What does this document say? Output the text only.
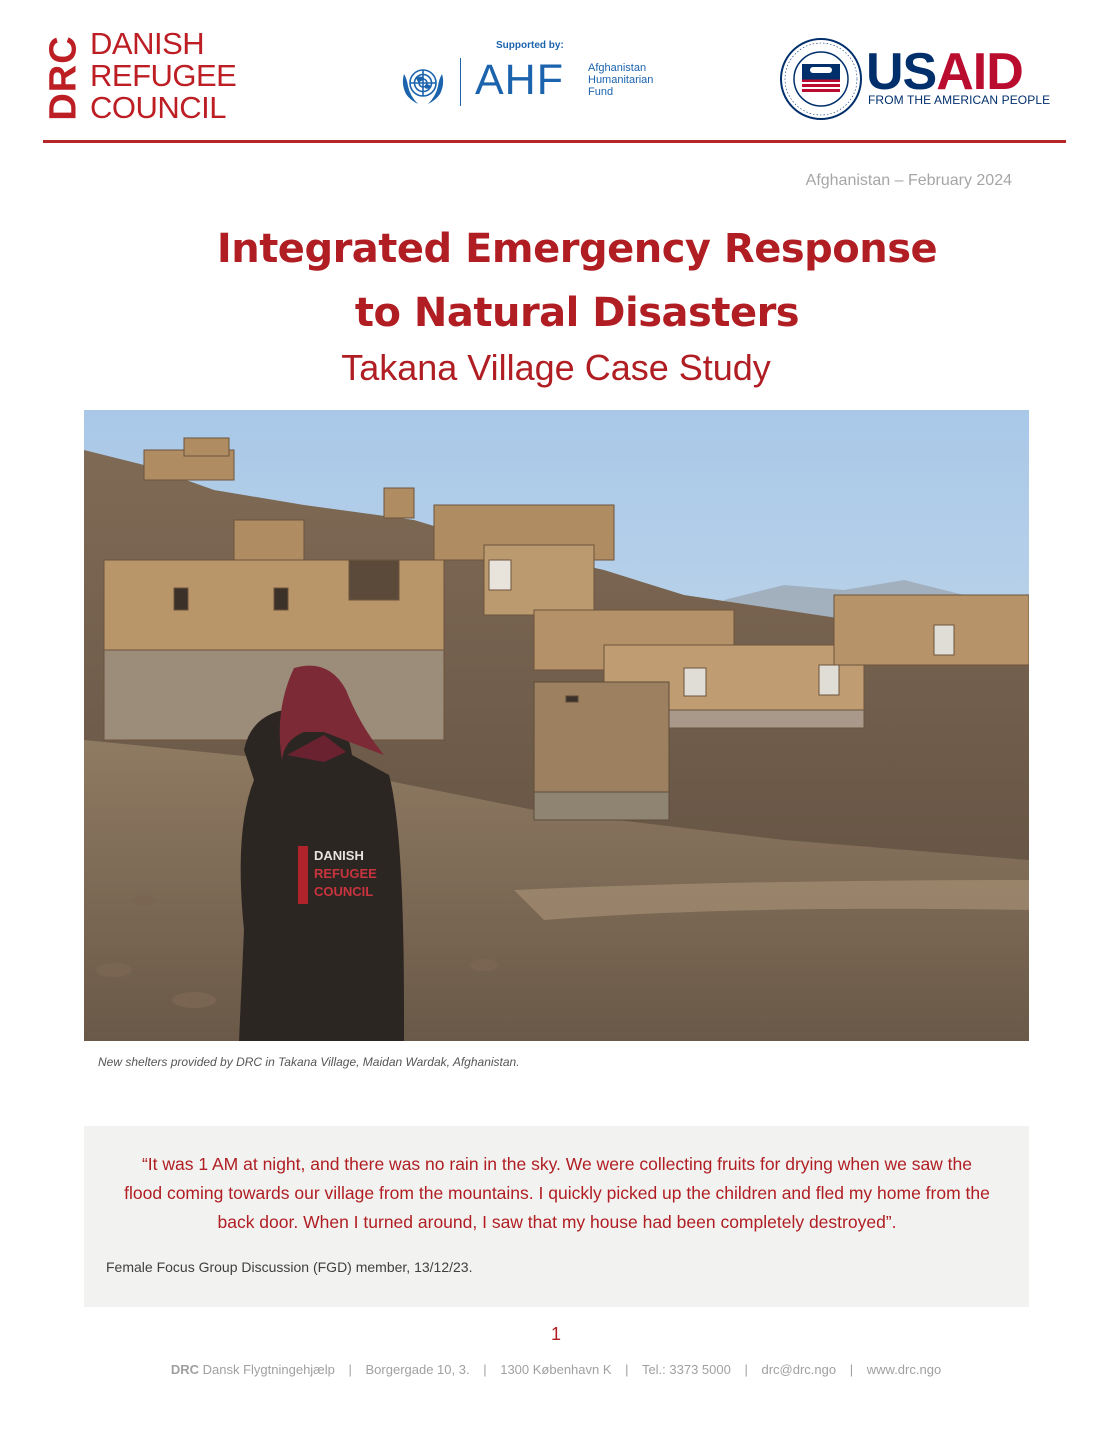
DRC DANISH
REFUGEE
COUNCIL
Supported by:
AHF Afghanistan
Humanitarian
Fund	USAID
FROM THE AMERICAN PEOPLE
Afghanistan – February 2024
Integrated Emergency Response to Natural Disasters
Takana Village Case Study
DANISH
REFUGEE
COUNCIL
New shelters provided by DRC in Takana Village, Maidan Wardak, Afghanistan.
“It was 1 AM at night, and there was no rain in the sky. We were collecting fruits for drying when we saw the flood coming towards our village from the mountains. I quickly picked up the children and fled my home from the back door. When I turned around, I saw that my house had been completely destroyed”.
Female Focus Group Discussion (FGD) member, 13/12/23.
1
DRC Dansk Flygtningehjælp | Borgergade 10, 3. | 1300 København K | Tel.: 3373 5000 | drc@drc.ngo | www.drc.ngo
